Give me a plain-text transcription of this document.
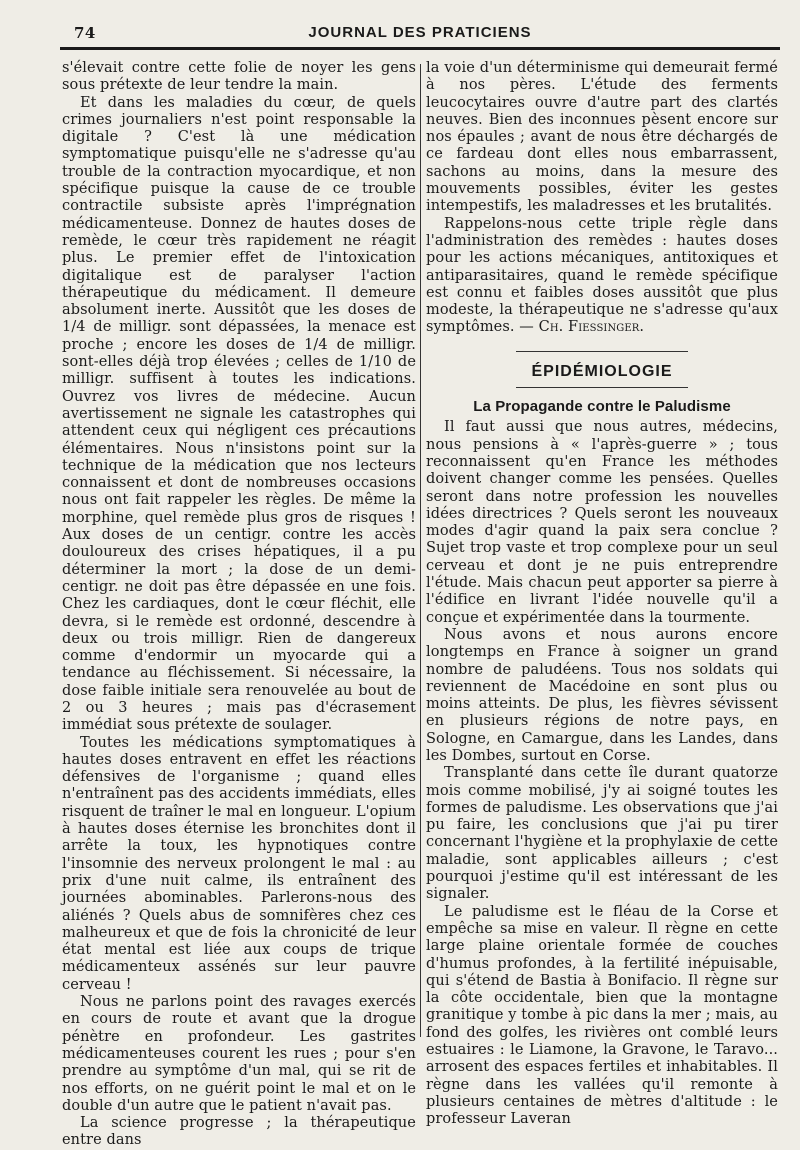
74	JOURNAL DES PRATICIENS

s'élevait contre cette folie de noyer les gens sous prétexte de leur tendre la main.

Et dans les maladies du cœur, de quels crimes journaliers n'est point responsable la digitale ? C'est là une médication symptomatique puisqu'elle ne s'adresse qu'au trouble de la contraction myocardique, et non spécifique puisque la cause de ce trouble contractile subsiste après l'imprégnation médicamenteuse. Donnez de hautes doses de remède, le cœur très rapidement ne réagit plus. Le premier effet de l'intoxication digitalique est de paralyser l'action thérapeutique du médicament. Il demeure absolument inerte. Aussitôt que les doses de 1/4 de milligr. sont dépassées, la menace est proche ; encore les doses de 1/4 de milligr. sont-elles déjà trop élevées ; celles de 1/10 de milligr. suffisent à toutes les indications. Ouvrez vos livres de médecine. Aucun avertissement ne signale les catastrophes qui attendent ceux qui négligent ces précautions élémentaires. Nous n'insistons point sur la technique de la médication que nos lecteurs connaissent et dont de nombreuses occasions nous ont fait rappeler les règles. De même la morphine, quel remède plus gros de risques ! Aux doses de un centigr. contre les accès douloureux des crises hépatiques, il a pu déterminer la mort ; la dose de un demi-centigr. ne doit pas être dépassée en une fois. Chez les cardiaques, dont le cœur fléchit, elle devra, si le remède est ordonné, descendre à deux ou trois milligr. Rien de dangereux comme d'endormir un myocarde qui a tendance au fléchissement. Si nécessaire, la dose faible initiale sera renouvelée au bout de 2 ou 3 heures ; mais pas d'écrasement immédiat sous prétexte de soulager.

Toutes les médications symptomatiques à hautes doses entravent en effet les réactions défensives de l'organisme ; quand elles n'entraînent pas des accidents immédiats, elles risquent de traîner le mal en longueur. L'opium à hautes doses éternise les bronchites dont il arrête la toux, les hypnotiques contre l'insomnie des nerveux prolongent le mal : au prix d'une nuit calme, ils entraînent des journées abominables. Parlerons-nous des aliénés ? Quels abus de somnifères chez ces malheureux et que de fois la chronicité de leur état mental est liée aux coups de trique médicamenteux assénés sur leur pauvre cerveau !

Nous ne parlons point des ravages exercés en cours de route et avant que la drogue pénètre en profondeur. Les gastrites médicamenteuses courent les rues ; pour s'en prendre au symptôme d'un mal, qui se rit de nos efforts, on ne guérit point le mal et on le double d'un autre que le patient n'avait pas.

La science progresse ; la thérapeutique entre dans

la voie d'un déterminisme qui demeurait fermé à nos pères. L'étude des ferments leucocytaires ouvre d'autre part des clartés neuves. Bien des inconnues pèsent encore sur nos épaules ; avant de nous être déchargés de ce fardeau dont elles nous embarrassent, sachons au moins, dans la mesure des mouvements possibles, éviter les gestes intempestifs, les maladresses et les brutalités.

Rappelons-nous cette triple règle dans l'administration des remèdes : hautes doses pour les actions mécaniques, antitoxiques et antiparasitaires, quand le remède spécifique est connu et faibles doses aussitôt que plus modeste, la thérapeutique ne s'adresse qu'aux symptômes. — Ch. Fiessinger.

ÉPIDÉMIOLOGIE
La Propagande contre le Paludisme

Il faut aussi que nous autres, médecins, nous pensions à « l'après-guerre » ; tous reconnaissent qu'en France les méthodes doivent changer comme les pensées. Quelles seront dans notre profession les nouvelles idées directrices ? Quels seront les nouveaux modes d'agir quand la paix sera conclue ? Sujet trop vaste et trop complexe pour un seul cerveau et dont je ne puis entreprendre l'étude. Mais chacun peut apporter sa pierre à l'édifice en livrant l'idée nouvelle qu'il a conçue et expérimentée dans la tourmente.

Nous avons et nous aurons encore longtemps en France à soigner un grand nombre de paludéens. Tous nos soldats qui reviennent de Macédoine en sont plus ou moins atteints. De plus, les fièvres sévissent en plusieurs régions de notre pays, en Sologne, en Camargue, dans les Landes, dans les Dombes, surtout en Corse.

Transplanté dans cette île durant quatorze mois comme mobilisé, j'y ai soigné toutes les formes de paludisme. Les observations que j'ai pu faire, les conclusions que j'ai pu tirer concernant l'hygiène et la prophylaxie de cette maladie, sont applicables ailleurs ; c'est pourquoi j'estime qu'il est intéressant de les signaler.

Le paludisme est le fléau de la Corse et empêche sa mise en valeur. Il règne en cette large plaine orientale formée de couches d'humus profondes, à la fertilité inépuisable, qui s'étend de Bastia à Bonifacio. Il règne sur la côte occidentale, bien que la montagne granitique y tombe à pic dans la mer ; mais, au fond des golfes, les rivières ont comblé leurs estuaires : le Liamone, la Gravone, le Taravo... arrosent des espaces fertiles et inhabitables. Il règne dans les vallées qu'il remonte à plusieurs centaines de mètres d'altitude : le professeur Laveran
